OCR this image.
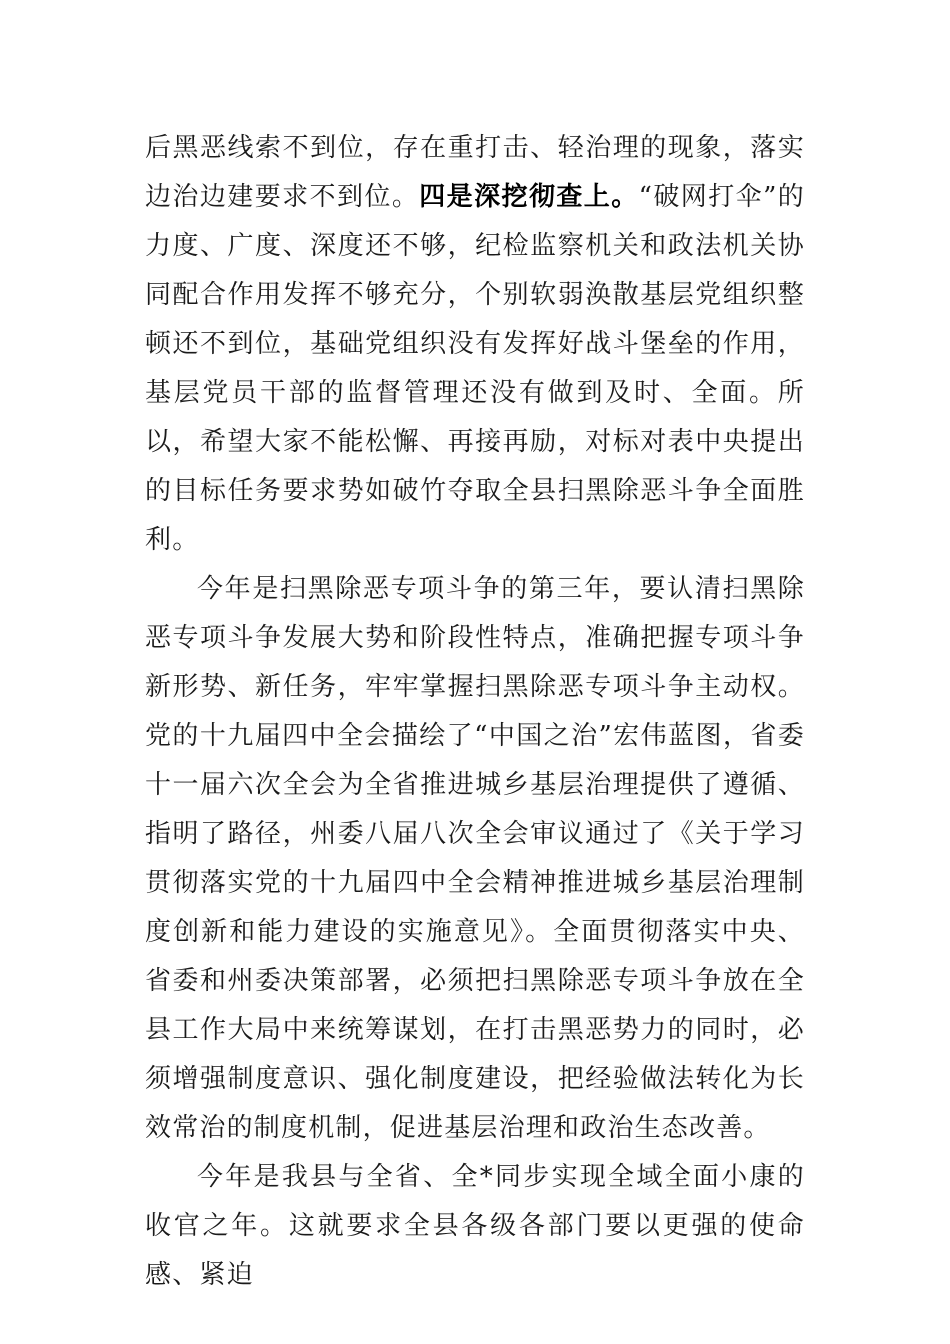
后黑恶线索不到位，存在重打击、轻治理的现象，落实边治边建要求不到位。四是深挖彻查上。“破网打伞”的力度、广度、深度还不够，纪检监察机关和政法机关协同配合作用发挥不够充分，个别软弱涣散基层党组织整顿还不到位，基础党组织没有发挥好战斗堡垒的作用，基层党员干部的监督管理还没有做到及时、全面。所以，希望大家不能松懈、再接再励，对标对表中央提出的目标任务要求势如破竹夺取全县扫黑除恶斗争全面胜利。

今年是扫黑除恶专项斗争的第三年，要认清扫黑除恶专项斗争发展大势和阶段性特点，准确把握专项斗争新形势、新任务，牢牢掌握扫黑除恶专项斗争主动权。党的十九届四中全会描绘了“中国之治”宏伟蓝图，省委十一届六次全会为全省推进城乡基层治理提供了遵循、指明了路径，州委八届八次全会审议通过了《关于学习贯彻落实党的十九届四中全会精神推进城乡基层治理制度创新和能力建设的实施意见》。全面贯彻落实中央、省委和州委决策部署，必须把扫黑除恶专项斗争放在全县工作大局中来统筹谋划，在打击黑恶势力的同时，必须增强制度意识、强化制度建设，把经验做法转化为长效常治的制度机制，促进基层治理和政治生态改善。

今年是我县与全省、全*同步实现全域全面小康的收官之年。这就要求全县各级各部门要以更强的使命感、紧迫
